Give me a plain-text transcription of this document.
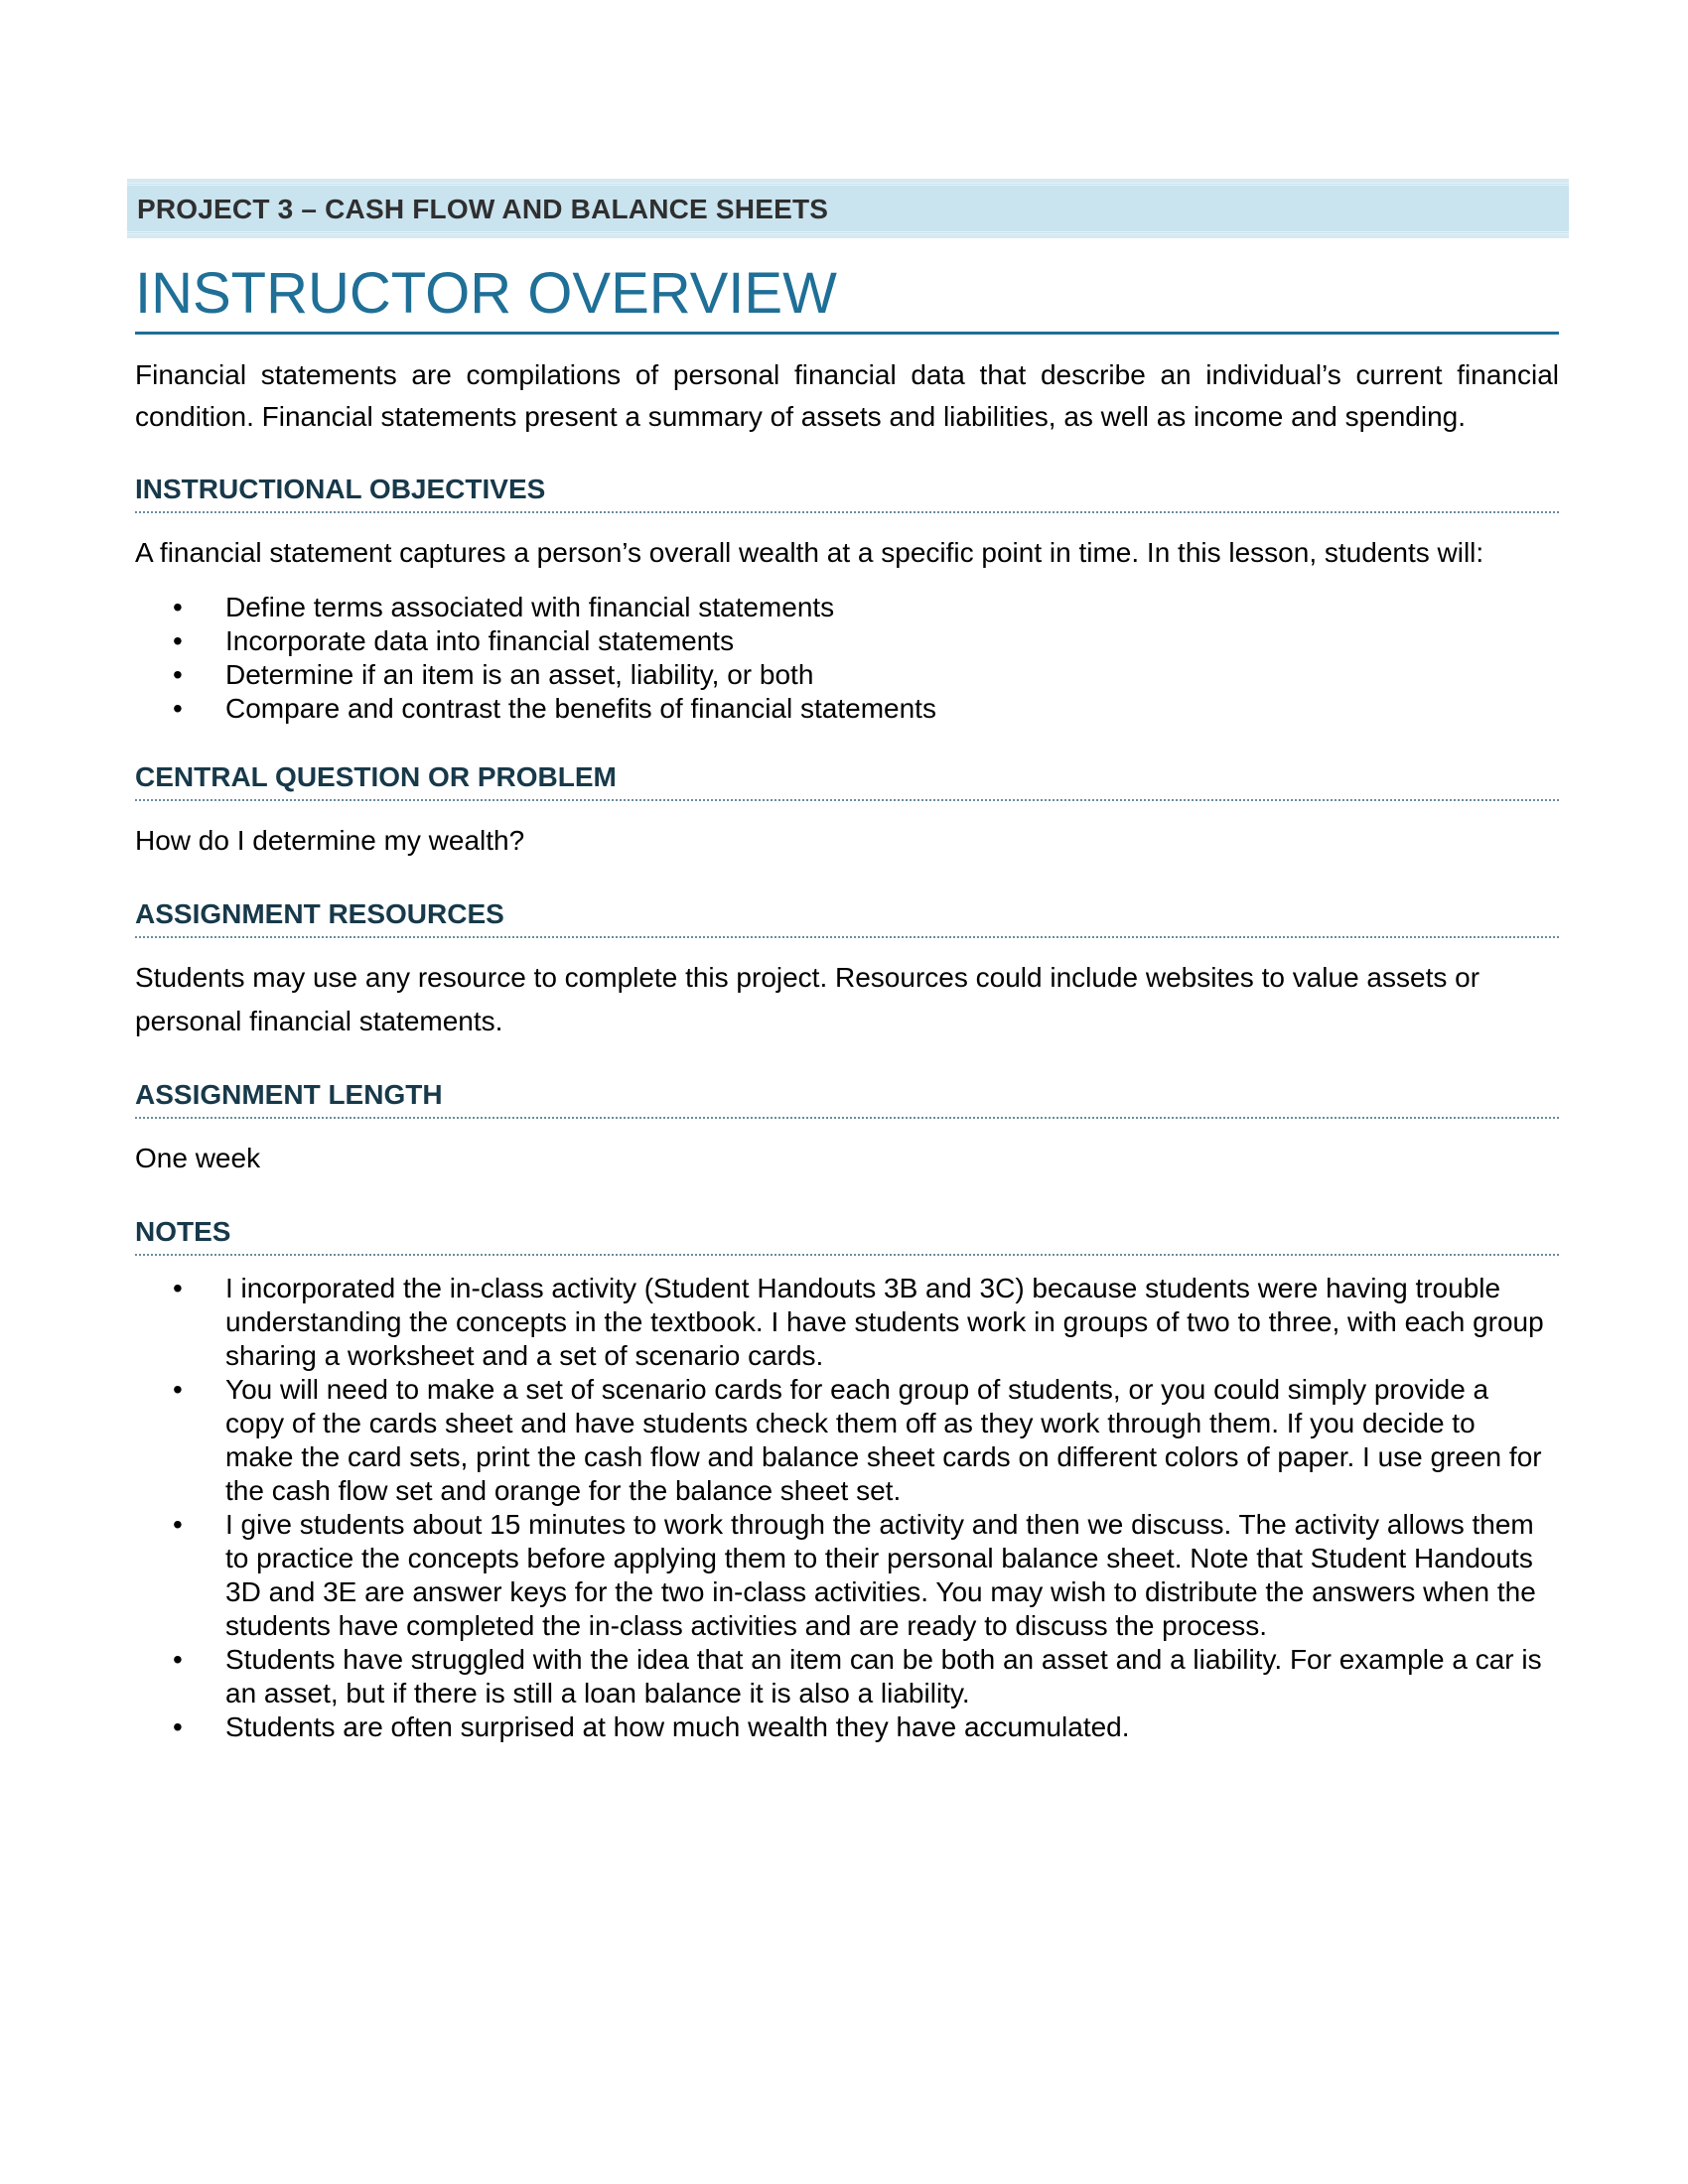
PROJECT 3 – CASH FLOW AND BALANCE SHEETS
INSTRUCTOR OVERVIEW
Financial statements are compilations of personal financial data that describe an individual’s current financial condition. Financial statements present a summary of assets and liabilities, as well as income and spending.
INSTRUCTIONAL OBJECTIVES
A financial statement captures a person’s overall wealth at a specific point in time. In this lesson, students will:
• Define terms associated with financial statements
• Incorporate data into financial statements
• Determine if an item is an asset, liability, or both
• Compare and contrast the benefits of financial statements
CENTRAL QUESTION OR PROBLEM
How do I determine my wealth?
ASSIGNMENT RESOURCES
Students may use any resource to complete this project. Resources could include websites to value assets or personal financial statements.
ASSIGNMENT LENGTH
One week
NOTES
• I incorporated the in-class activity (Student Handouts 3B and 3C) because students were having trouble understanding the concepts in the textbook. I have students work in groups of two to three, with each group sharing a worksheet and a set of scenario cards.
• You will need to make a set of scenario cards for each group of students, or you could simply provide a copy of the cards sheet and have students check them off as they work through them. If you decide to make the card sets, print the cash flow and balance sheet cards on different colors of paper. I use green for the cash flow set and orange for the balance sheet set.
• I give students about 15 minutes to work through the activity and then we discuss. The activity allows them to practice the concepts before applying them to their personal balance sheet. Note that Student Handouts 3D and 3E are answer keys for the two in-class activities. You may wish to distribute the answers when the students have completed the in-class activities and are ready to discuss the process.
• Students have struggled with the idea that an item can be both an asset and a liability. For example a car is an asset, but if there is still a loan balance it is also a liability.
• Students are often surprised at how much wealth they have accumulated.
